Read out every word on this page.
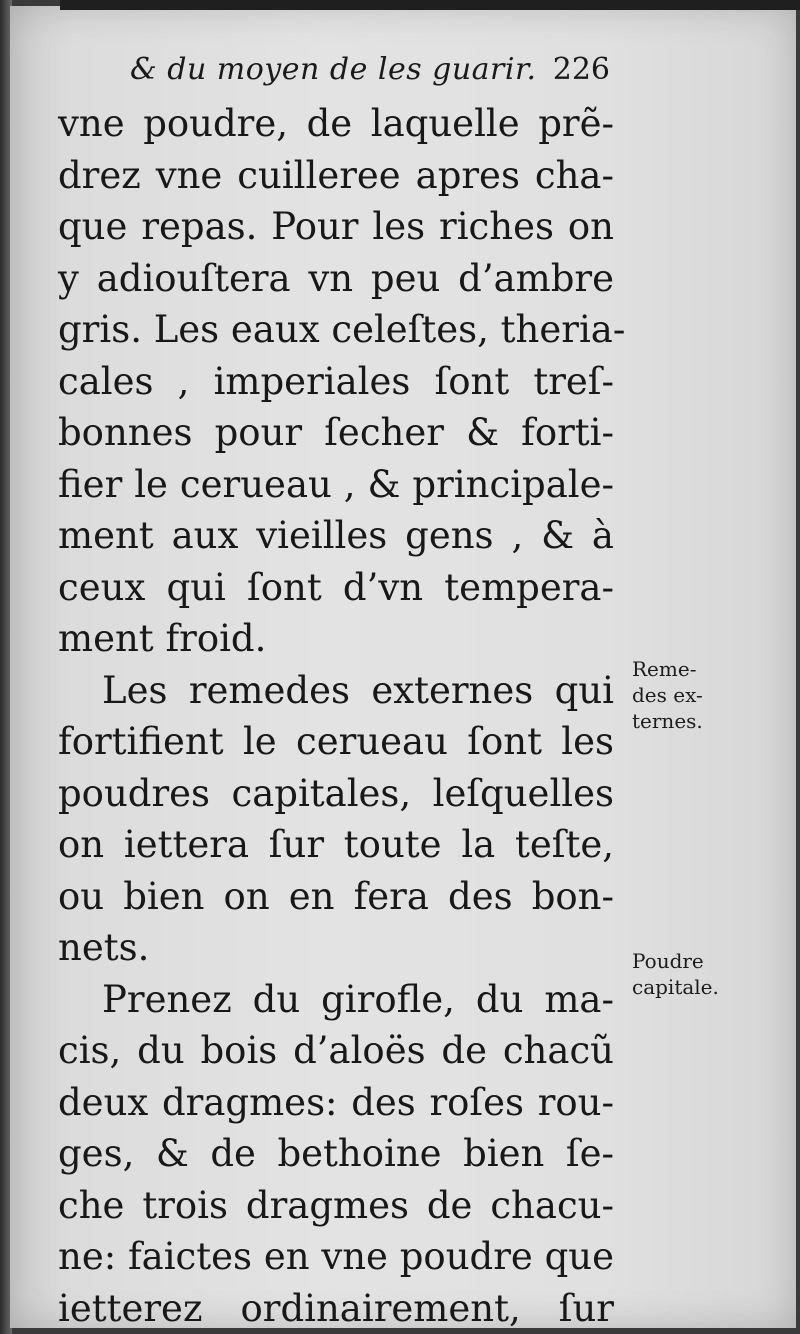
& du moyen de les guarir. 226
vne poudre, de laquelle prẽ-
drez vne cuilleree apres cha-
que repas. Pour les riches on
y adiouſtera vn peu d’ambre
gris. Les eaux celeſtes, theria-
cales , imperiales ſont treſ-
bonnes pour ſecher & forti-
fier le cerueau , & principale-
ment aux vieilles gens , & à
ceux qui ſont d’vn tempera-
ment froid.
Les remedes externes qui
fortifient le cerueau ſont les
poudres capitales, leſquelles
on iettera ſur toute la teſte,
ou bien on en fera des bon-
nets.
Prenez du girofle, du ma-
cis, du bois d’aloës de chacũ
deux dragmes: des roſes rou-
ges, & de bethoine bien ſe-
che trois dragmes de chacu-
ne: faictes en vne poudre que
ietterez ordinairement, ſur
Reme-
des ex-
ternes.
Poudre
capitale.
